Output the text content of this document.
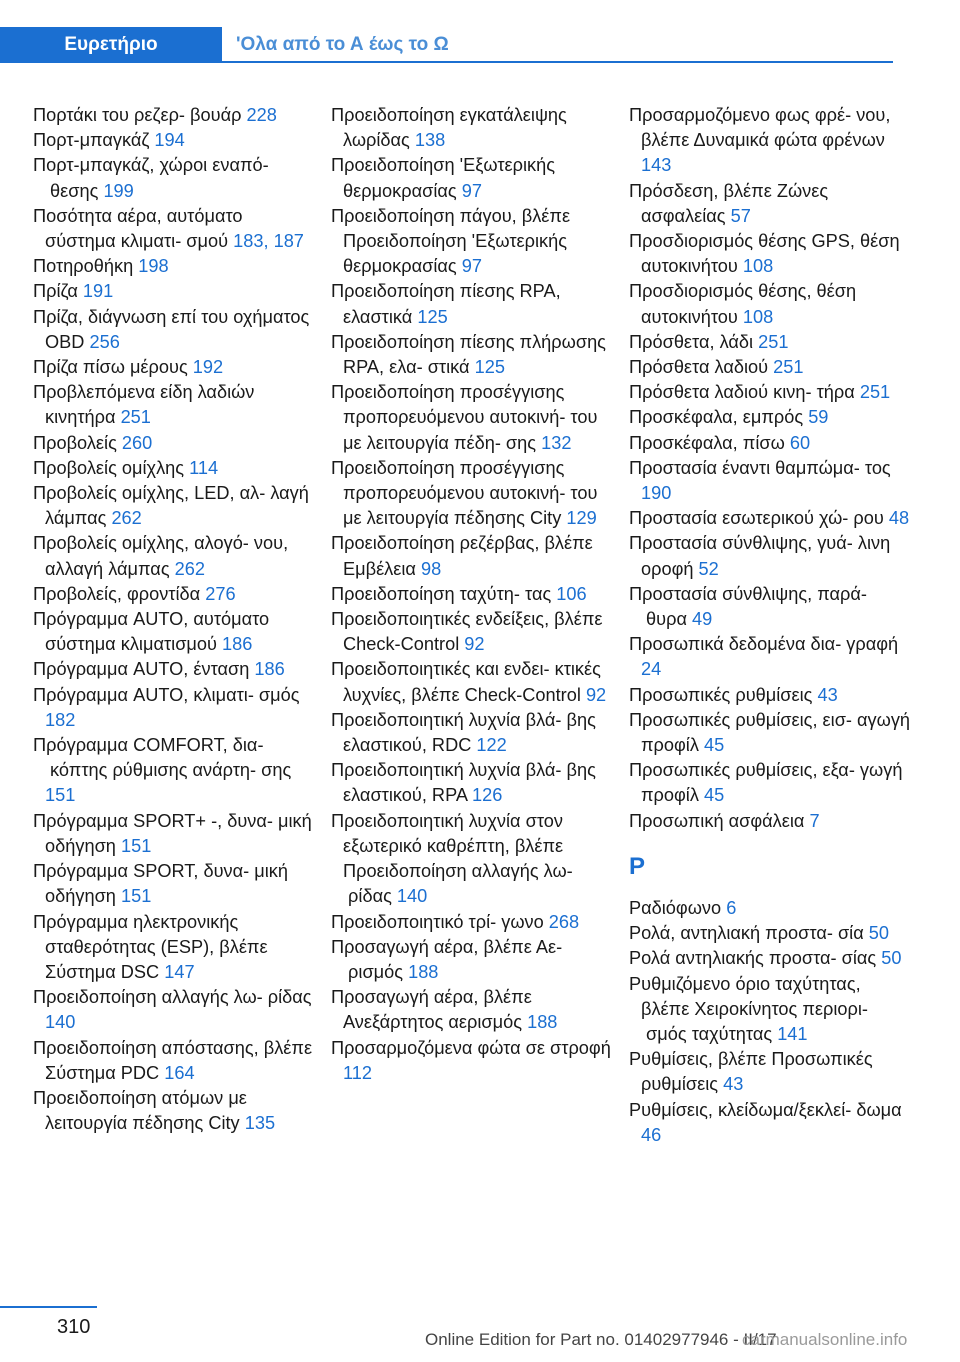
Ευρετήριο	'Ολα από το Α έως το Ω

Πορτάκι του ρεζερ- βουάρ 228

Πορτ-μπαγκάζ 194

Πορτ-μπαγκάζ, χώροι εναπό- θεσης 199

Ποσότητα αέρα, αυτόματο σύστημα κλιματι- σμού 183, 187

Ποτηροθήκη 198

Πρίζα 191

Πρίζα, διάγνωση επί του οχήματος OBD 256

Πρίζα πίσω μέρους 192

Προβλεπόμενα είδη λαδιών κινητήρα 251

Προβολείς 260

Προβολείς ομίχλης 114

Προβολείς ομίχλης, LED, αλ- λαγή λάμπας 262

Προβολείς ομίχλης, αλογό- νου, αλλαγή λάμπας 262

Προβολείς, φροντίδα 276

Πρόγραμμα AUTO, αυτόματο σύστημα κλιματισμού 186

Πρόγραμμα AUTO, ένταση 186

Πρόγραμμα AUTO, κλιματι- σμός 182

Πρόγραμμα COMFORT, δια- κόπτης ρύθμισης ανάρτη- σης 151

Πρόγραμμα SPORT+ -, δυνα- μική οδήγηση 151

Πρόγραμμα SPORT, δυνα- μική οδήγηση 151

Πρόγραμμα ηλεκτρονικής σταθερότητας (ESP), βλέπε Σύστημα DSC 147

Προειδοποίηση αλλαγής λω- ρίδας 140

Προειδοποίηση απόστασης, βλέπε Σύστημα PDC 164

Προειδοποίηση ατόμων με λειτουργία πέδησης City 135

Προειδοποίηση εγκατάλειψης λωρίδας 138

Προειδοποίηση 'Εξωτερικής θερμοκρασίας 97

Προειδοποίηση πάγου, βλέπε Προειδοποίηση 'Εξωτερικής θερμοκρασίας 97

Προειδοποίηση πίεσης RPA, ελαστικά 125

Προειδοποίηση πίεσης πλήρωσης RPA, ελα- στικά 125

Προειδοποίηση προσέγγισης προπορευόμενου αυτοκινή- του με λειτουργία πέδη- σης 132

Προειδοποίηση προσέγγισης προπορευόμενου αυτοκινή- του με λειτουργία πέδησης City 129

Προειδοποίηση ρεζέρβας, βλέπε Εμβέλεια 98

Προειδοποίηση ταχύτη- τας 106

Προειδοποιητικές ενδείξεις, βλέπε Check-Control 92

Προειδοποιητικές και ενδει- κτικές λυχνίες, βλέπε Check-Control 92

Προειδοποιητική λυχνία βλά- βης ελαστικού, RDC 122

Προειδοποιητική λυχνία βλά- βης ελαστικού, RPA 126

Προειδοποιητική λυχνία στον εξωτερικό καθρέπτη, βλέπε Προειδοποίηση αλλαγής λω- ρίδας 140

Προειδοποιητικό τρί- γωνο 268

Προσαγωγή αέρα, βλέπε Αε- ρισμός 188

Προσαγωγή αέρα, βλέπε Ανεξάρτητος αερισμός 188

Προσαρμοζόμενα φώτα σε στροφή 112

Προσαρμοζόμενο φως φρέ- νου, βλέπε Δυναμικά φώτα φρένων 143

Πρόσδεση, βλέπε Ζώνες ασφαλείας 57

Προσδιορισμός θέσης GPS, θέση αυτοκινήτου 108

Προσδιορισμός θέσης, θέση αυτοκινήτου 108

Πρόσθετα, λάδι 251

Πρόσθετα λαδιού 251

Πρόσθετα λαδιού κινη- τήρα 251

Προσκέφαλα, εμπρός 59

Προσκέφαλα, πίσω 60

Προστασία έναντι θαμπώμα- τος 190

Προστασία εσωτερικού χώ- ρου 48

Προστασία σύνθλιψης, γυά- λινη οροφή 52

Προστασία σύνθλιψης, παρά- θυρα 49

Προσωπικά δεδομένα δια- γραφή 24

Προσωπικές ρυθμίσεις 43

Προσωπικές ρυθμίσεις, εισ- αγωγή προφίλ 45

Προσωπικές ρυθμίσεις, εξα- γωγή προφίλ 45

Προσωπική ασφάλεια 7

Ρ

Ραδιόφωνο 6

Ρολά, αντηλιακή προστα- σία 50

Ρολά αντηλιακής προστα- σίας 50

Ρυθμιζόμενο όριο ταχύτητας, βλέπε Χειροκίνητος περιορι- σμός ταχύτητας 141

Ρυθμίσεις, βλέπε Προσωπικές ρυθμίσεις 43

Ρυθμίσεις, κλείδωμα/ξεκλεί- δωμα 46

310
Online Edition for Part no. 01402977946 - II/17
carmanualsonline.info
